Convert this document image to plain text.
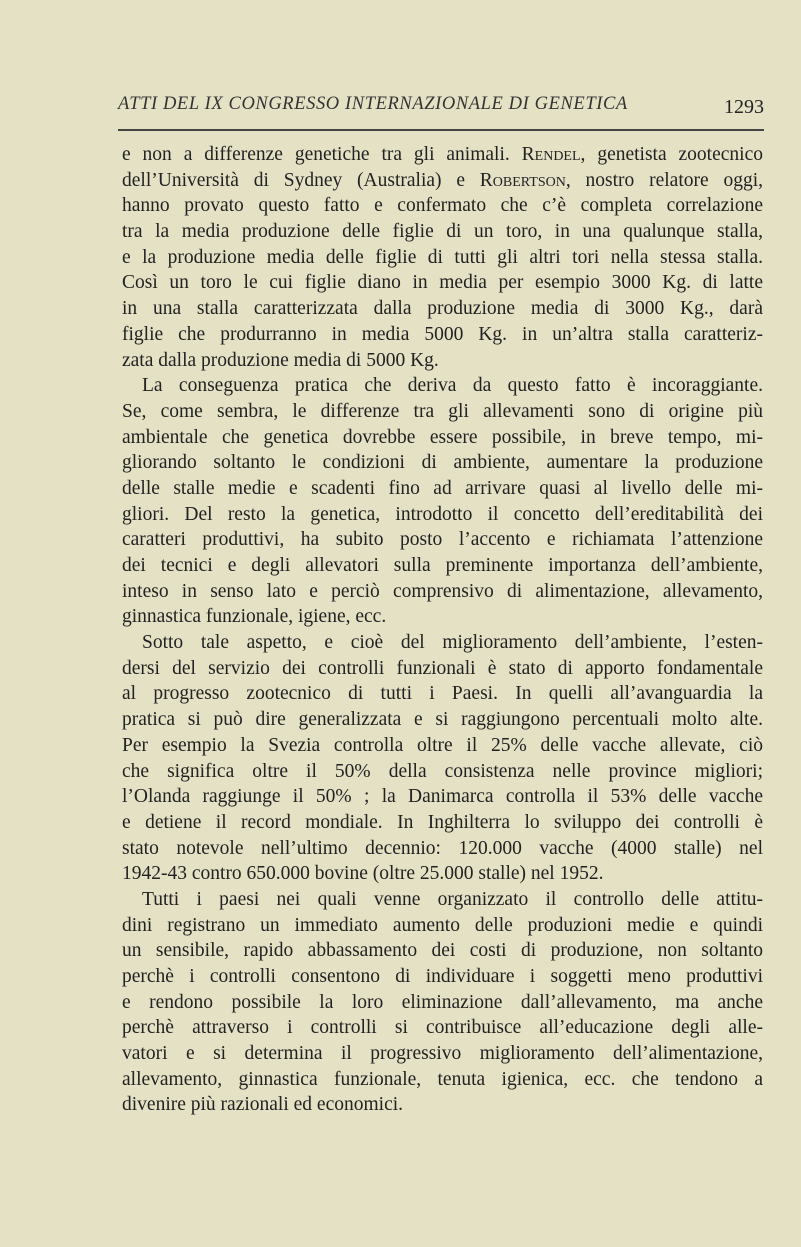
ATTI DEL IX CONGRESSO INTERNAZIONALE DI GENETICA	1293
e non a differenze genetiche tra gli animali. Rendel, genetista zootecnico
dell’Università di Sydney (Australia) e Robertson, nostro relatore oggi,
hanno provato questo fatto e confermato che c’è completa correlazione
tra la media produzione delle figlie di un toro, in una qualunque stalla,
e la produzione media delle figlie di tutti gli altri tori nella stessa stalla.
Così un toro le cui figlie diano in media per esempio 3000 Kg. di latte
in una stalla caratterizzata dalla produzione media di 3000 Kg., darà
figlie che produrranno in media 5000 Kg. in un’altra stalla caratteriz-
zata dalla produzione media di 5000 Kg.
La conseguenza pratica che deriva da questo fatto è incoraggiante.
Se, come sembra, le differenze tra gli allevamenti sono di origine più
ambientale che genetica dovrebbe essere possibile, in breve tempo, mi-
gliorando soltanto le condizioni di ambiente, aumentare la produzione
delle stalle medie e scadenti fino ad arrivare quasi al livello delle mi-
gliori. Del resto la genetica, introdotto il concetto dell’ereditabilità dei
caratteri produttivi, ha subito posto l’accento e richiamata l’attenzione
dei tecnici e degli allevatori sulla preminente importanza dell’ambiente,
inteso in senso lato e perciò comprensivo di alimentazione, allevamento,
ginnastica funzionale, igiene, ecc.
Sotto tale aspetto, e cioè del miglioramento dell’ambiente, l’esten-
dersi del servizio dei controlli funzionali è stato di apporto fondamentale
al progresso zootecnico di tutti i Paesi. In quelli all’avanguardia la
pratica si può dire generalizzata e si raggiungono percentuali molto alte.
Per esempio la Svezia controlla oltre il 25% delle vacche allevate, ciò
che significa oltre il 50% della consistenza nelle province migliori;
l’Olanda raggiunge il 50% ; la Danimarca controlla il 53% delle vacche
e detiene il record mondiale. In Inghilterra lo sviluppo dei controlli è
stato notevole nell’ultimo decennio: 120.000 vacche (4000 stalle) nel
1942-43 contro 650.000 bovine (oltre 25.000 stalle) nel 1952.
Tutti i paesi nei quali venne organizzato il controllo delle attitu-
dini registrano un immediato aumento delle produzioni medie e quindi
un sensibile, rapido abbassamento dei costi di produzione, non soltanto
perchè i controlli consentono di individuare i soggetti meno produttivi
e rendono possibile la loro eliminazione dall’allevamento, ma anche
perchè attraverso i controlli si contribuisce all’educazione degli alle-
vatori e si determina il progressivo miglioramento dell’alimentazione,
allevamento, ginnastica funzionale, tenuta igienica, ecc. che tendono a
divenire più razionali ed economici.
